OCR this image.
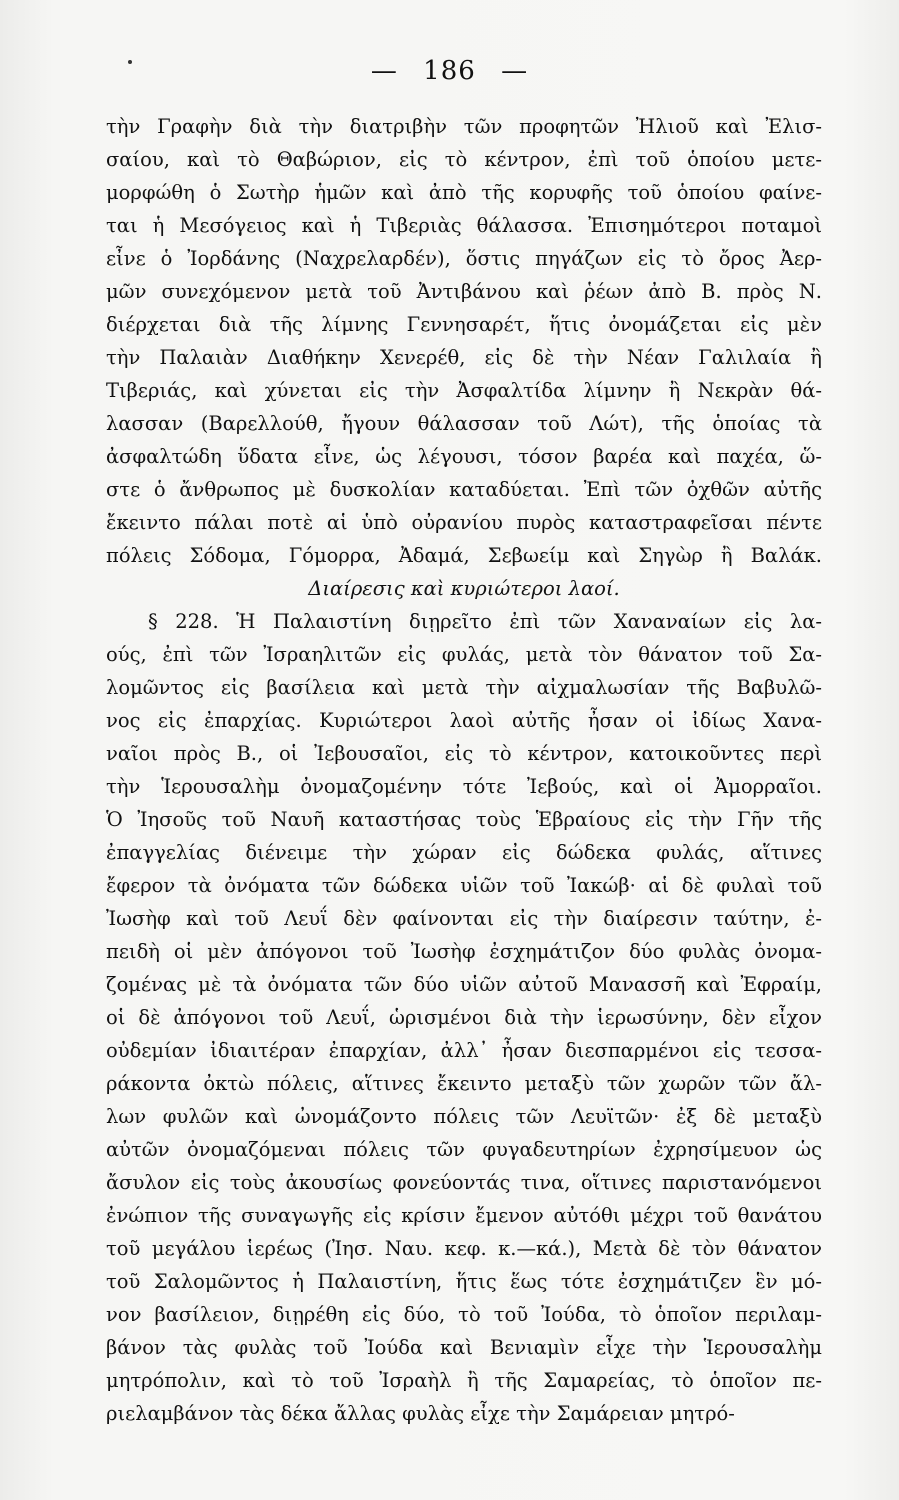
— 186 —
τὴν Γραφὴν διὰ τὴν διατριβὴν τῶν προφητῶν Ἠλιοῦ καὶ Ἐλισ-
σαίου, καὶ τὸ Θαβώριον, εἰς τὸ κέντρον, ἐπὶ τοῦ ὁποίου μετε-
μορφώθη ὁ Σωτὴρ ἡμῶν καὶ ἀπὸ τῆς κορυφῆς τοῦ ὁποίου φαίνε-
ται ἡ Μεσόγειος καὶ ἡ Τιβεριὰς θάλασσα. Ἐπισημότεροι ποταμοὶ
εἶνε ὁ Ἰορδάνης (Ναχρελαρδέν), ὅστις πηγάζων εἰς τὸ ὄρος Ἀερ-
μῶν συνεχόμενον μετὰ τοῦ Ἀντιβάνου καὶ ῥέων ἀπὸ Β. πρὸς Ν.
διέρχεται διὰ τῆς λίμνης Γεννησαρέτ, ἥτις ὀνομάζεται εἰς μὲν
τὴν Παλαιὰν Διαθήκην Χενερέθ, εἰς δὲ τὴν Νέαν Γαλιλαία ἢ
Τιβεριάς, καὶ χύνεται εἰς τὴν Ἀσφαλτίδα λίμνην ἢ Νεκρὰν θά-
λασσαν (Βαρελλούθ, ἤγουν θάλασσαν τοῦ Λώτ), τῆς ὁποίας τὰ
ἀσφαλτώδη ὕδατα εἶνε, ὡς λέγουσι, τόσον βαρέα καὶ παχέα, ὥ-
στε ὁ ἄνθρωπος μὲ δυσκολίαν καταδύεται. Ἐπὶ τῶν ὀχθῶν αὐτῆς
ἔκειντο πάλαι ποτὲ αἱ ὑπὸ οὐρανίου πυρὸς καταστραφεῖσαι πέντε
πόλεις Σόδομα, Γόμορρα, Ἀδαμά, Σεβωείμ καὶ Σηγὼρ ἢ Βαλάκ.
Διαίρεσις καὶ κυριώτεροι λαοί.
§ 228. Ἡ Παλαιστίνη διῃρεῖτο ἐπὶ τῶν Χαναναίων εἰς λα-
ούς, ἐπὶ τῶν Ἰσραηλιτῶν εἰς φυλάς, μετὰ τὸν θάνατον τοῦ Σα-
λομῶντος εἰς βασίλεια καὶ μετὰ τὴν αἰχμαλωσίαν τῆς Βαβυλῶ-
νος εἰς ἐπαρχίας. Κυριώτεροι λαοὶ αὐτῆς ἦσαν οἱ ἰδίως Χανα-
ναῖοι πρὸς Β., οἱ Ἰεβουσαῖοι, εἰς τὸ κέντρον, κατοικοῦντες περὶ
τὴν Ἱερουσαλὴμ ὀνομαζομένην τότε Ἰεβούς, καὶ οἱ Ἀμορραῖοι.
Ὁ Ἰησοῦς τοῦ Ναυῆ καταστήσας τοὺς Ἑβραίους εἰς τὴν Γῆν τῆς
ἐπαγγελίας διένειμε τὴν χώραν εἰς δώδεκα φυλάς, αἵτινες
ἔφερον τὰ ὀνόματα τῶν δώδεκα υἱῶν τοῦ Ἰακώβ· αἱ δὲ φυλαὶ τοῦ
Ἰωσὴφ καὶ τοῦ Λευΐ δὲν φαίνονται εἰς τὴν διαίρεσιν ταύτην, ἐ-
πειδὴ οἱ μὲν ἀπόγονοι τοῦ Ἰωσὴφ ἐσχημάτιζον δύο φυλὰς ὀνομα-
ζομένας μὲ τὰ ὀνόματα τῶν δύο υἱῶν αὐτοῦ Μανασσῆ καὶ Ἐφραίμ,
οἱ δὲ ἀπόγονοι τοῦ Λευΐ, ὡρισμένοι διὰ τὴν ἱερωσύνην, δὲν εἶχον
οὐδεμίαν ἰδιαιτέραν ἐπαρχίαν, ἀλλ᾽ ἦσαν διεσπαρμένοι εἰς τεσσα-
ράκοντα ὀκτὼ πόλεις, αἵτινες ἔκειντο μεταξὺ τῶν χωρῶν τῶν ἄλ-
λων φυλῶν καὶ ὠνομάζοντο πόλεις τῶν Λευϊτῶν· ἐξ δὲ μεταξὺ
αὐτῶν ὀνομαζόμεναι πόλεις τῶν φυγαδευτηρίων ἐχρησίμευον ὡς
ἄσυλον εἰς τοὺς ἀκουσίως φονεύοντάς τινα, οἵτινες παριστανόμενοι
ἐνώπιον τῆς συναγωγῆς εἰς κρίσιν ἔμενον αὐτόθι μέχρι τοῦ θανάτου
τοῦ μεγάλου ἱερέως (Ἰησ. Ναυ. κεφ. κ.—κά.), Μετὰ δὲ τὸν θάνατον
τοῦ Σαλομῶντος ἡ Παλαιστίνη, ἥτις ἕως τότε ἐσχημάτιζεν ἓν μό-
νον βασίλειον, διῃρέθη εἰς δύο, τὸ τοῦ Ἰούδα, τὸ ὁποῖον περιλαμ-
βάνον τὰς φυλὰς τοῦ Ἰούδα καὶ Βενιαμὶν εἶχε τὴν Ἱερουσαλὴμ
μητρόπολιν, καὶ τὸ τοῦ Ἰσραὴλ ἢ τῆς Σαμαρείας, τὸ ὁποῖον πε-
ριελαμβάνον τὰς δέκα ἄλλας φυλὰς εἶχε τὴν Σαμάρειαν μητρό-
